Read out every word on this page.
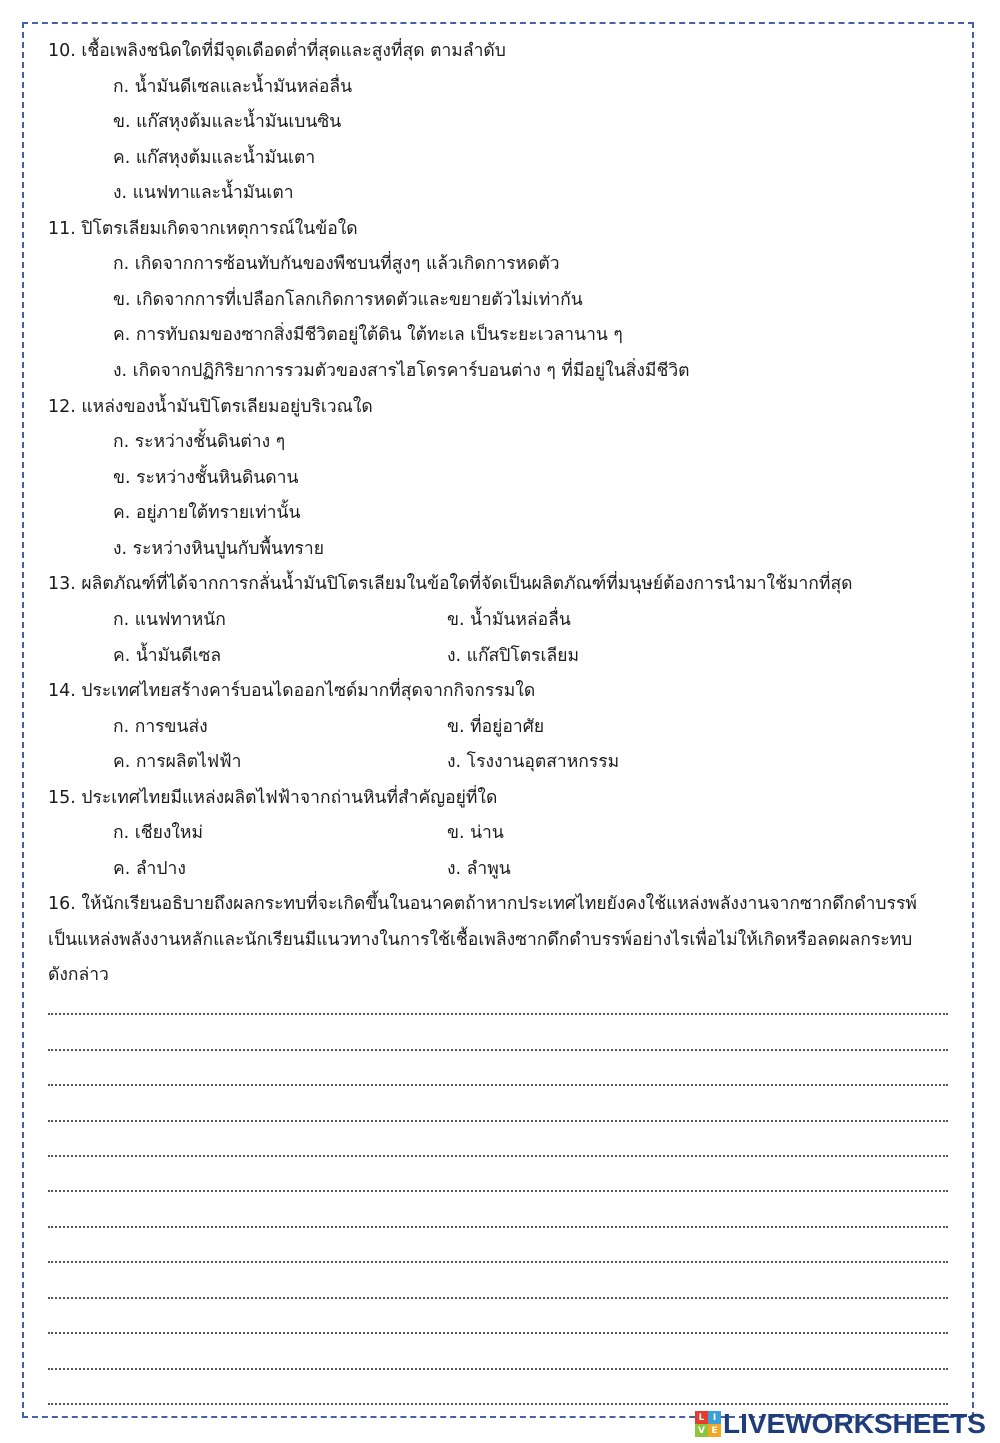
10. เชื้อเพลิงชนิดใดที่มีจุดเดือดต่ำที่สุดและสูงที่สุด ตามลำดับ
ก. น้ำมันดีเซลและน้ำมันหล่อลื่น
ข. แก๊สหุงต้มและน้ำมันเบนซิน
ค. แก๊สหุงต้มและน้ำมันเตา
ง. แนฟทาและน้ำมันเตา
11. ปิโตรเลียมเกิดจากเหตุการณ์ในข้อใด
ก. เกิดจากการซ้อนทับกันของพืชบนที่สูงๆ แล้วเกิดการหดตัว
ข. เกิดจากการที่เปลือกโลกเกิดการหดตัวและขยายตัวไม่เท่ากัน
ค. การทับถมของซากสิ่งมีชีวิตอยู่ใต้ดิน ใต้ทะเล เป็นระยะเวลานาน ๆ
ง. เกิดจากปฏิกิริยาการรวมตัวของสารไฮโดรคาร์บอนต่าง ๆ ที่มีอยู่ในสิ่งมีชีวิต
12. แหล่งของน้ำมันปิโตรเลียมอยู่บริเวณใด
ก. ระหว่างชั้นดินต่าง ๆ
ข. ระหว่างชั้นหินดินดาน
ค. อยู่ภายใต้ทรายเท่านั้น
ง. ระหว่างหินปูนกับพื้นทราย
13. ผลิตภัณฑ์ที่ได้จากการกลั่นน้ำมันปิโตรเลียมในข้อใดที่จัดเป็นผลิตภัณฑ์ที่มนุษย์ต้องการนำมาใช้มากที่สุด
ก. แนฟทาหนัก	ข. น้ำมันหล่อลื่น
ค. น้ำมันดีเซล	ง. แก๊สปิโตรเลียม
14. ประเทศไทยสร้างคาร์บอนไดออกไซด์มากที่สุดจากกิจกรรมใด
ก. การขนส่ง	ข. ที่อยู่อาศัย
ค. การผลิตไฟฟ้า	ง. โรงงานอุตสาหกรรม
15. ประเทศไทยมีแหล่งผลิตไฟฟ้าจากถ่านหินที่สำคัญอยู่ที่ใด
ก. เชียงใหม่	ข. น่าน
ค. ลำปาง	ง. ลำพูน
16. ให้นักเรียนอธิบายถึงผลกระทบที่จะเกิดขึ้นในอนาคตถ้าหากประเทศไทยยังคงใช้แหล่งพลังงานจากซากดึกดำบรรพ์
เป็นแหล่งพลังงานหลักและนักเรียนมีแนวทางในการใช้เชื้อเพลิงซากดึกดำบรรพ์อย่างไรเพื่อไม่ให้เกิดหรือลดผลกระทบ
ดังกล่าว
L I
V E LIVEWORKSHEETS
